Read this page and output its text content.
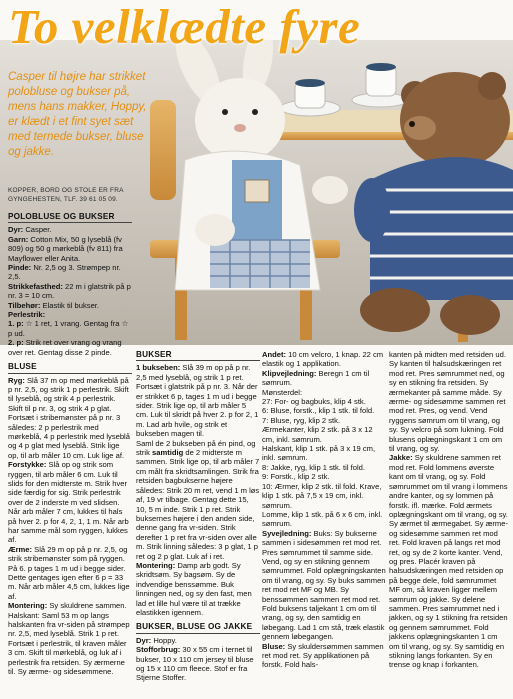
To velklædte fyre
Casper til højre har strikket polobluse og bukser på, mens hans makker, Hoppy, er klædt i et fint syet sæt med ternede bukser, bluse og jakke.
KOPPER, BORD OG STOLE ER FRA GYNGEHESTEN, TLF. 39 61 05 09.
POLOBLUSE OG BUKSER

Dyr: Casper.

Garn: Cotton Mix, 50 g lyseblå (fv 809) og 50 g mørkeblå (fv 811) fra Mayflower eller Anita.

Pinde: Nr. 2,5 og 3. Strømpep nr. 2,5.

Strikkefasthed: 22 m i glatstrik på p nr. 3 = 10 cm.

Tilbehør: Elastik til bukser.

Perlestrik:

1. p: ☆ 1 ret, 1 vrang. Gentag fra ☆ p ud.

2. p: Strik ret over vrang og vrang over ret. Gentag disse 2 pinde.

BLUSE

Ryg: Slå 37 m op med mørkeblå på p nr. 2,5, og strik 1 p perlestrik. Skift til lyseblå, og strik 4 p perlestrik. Skift til p nr. 3, og strik 4 p glat. Fortsæt i stribemønster på p nr. 3 således: 2 p perlestrik med mørkeblå, 4 p perlestrik med lyseblå og 4 p glat med lyseblå. Strik lige op, til arb måler 10 cm. Luk lige af.

Forstykke: Slå op og strik som ryggen, til arb måler 6 cm. Luk til slids for den midterste m. Strik hver side færdig for sig. Strik perlestrik over de 2 inderste m ved slidsen. Når arb måler 7 cm, lukkes til hals på hver 2. p for 4, 2, 1, 1 m. Når arb har samme mål som ryggen, lukkes af.

Ærme: Slå 29 m op på p nr. 2,5, og strik stribemønster som på ryggen. På 6. p tages 1 m ud i begge sider. Dette gentages igen efter 6 p = 33 m. Når arb måler 4,5 cm, lukkes lige af.

Montering: Sy skuldrene sammen. Halskant: Saml 53 m op langs halskanten fra vr-siden på strømpep nr. 2,5, med lyseblå. Strik 1 p ret. Fortsæt i perlestrik, til kraven måler 3 cm. Skift til mørkeblå, og luk af i perlestrik fra retsiden. Sy ærmerne til. Sy ærme- og sidesømmene.

BUKSER

1 bukseben: Slå 39 m op på p nr. 2,5 med lyseblå, og strik 1 p ret. Fortsæt i glatstrik på p nr. 3. Når der er strikket 6 p, tages 1 m ud i begge sider. Strik lige op, til arb måler 5 cm. Luk til skridt på hver 2. p for 2, 1 m. Lad arb hvile, og strik et bukseben magen til.

Saml de 2 bukseben på én pind, og strik samtidig de 2 midterste m sammen. Strik lige op, til arb måler 7 cm målt fra skridtsamlingen. Strik fra retsiden bagbukserne højere således: Strik 20 m ret, vend 1 m løs af, 19 vr tilbage. Gentag dette 15, 10, 5 m inde. Strik 1 p ret. Strik buksernes højere i den anden side, denne gang fra vr-siden. Strik derefter 1 p ret fra vr-siden over alle m. Strik linning således: 3 p glat, 1 p ret og 2 p glat. Luk af i ret.

Montering: Damp arb godt. Sy skridtsøm. Sy bagsøm. Sy de indvendige benssømme. Buk linningen ned, og sy den fast, men lad et lille hul være til at trække elastikken igennem.

BUKSER, BLUSE OG JAKKE

Dyr: Hoppy.

Stofforbrug: 30 x 55 cm i ternet til bukser, 10 x 110 cm jersey til bluse og 15 x 110 cm fleece. Stof er fra Stjerne Stoffer.

Andet: 10 cm velcro, 1 knap. 22 cm elastik og 1 applikation.

Klipvejledning: Beregn 1 cm til sømrum.

Mønsterdel:

27: For- og bagbuks, klip 4 stk.

6: Bluse, forstk., klip 1 stk. til fold.

7: Bluse, ryg, klip 2 stk.

Ærmekanter, klip 2 stk. på 3 x 12 cm, inkl. sømrum.

Halskant, klip 1 stk. på 3 x 19 cm, inkl. sømrum.

8: Jakke, ryg, klip 1 stk. til fold.

9: Forstk., klip 2 stk.

10: Ærmer, klip 2 stk. til fold. Krave, klip 1 stk. på 7,5 x 19 cm, inkl. sømrum.

Lomme, klip 1 stk. på 6 x 6 cm, inkl. sømrum.

Syvejledning: Buks: Sy bukserne sammen i sidesømmen ret mod ret. Pres sømrummet til samme side. Vend, og sy en stikning gennem sømrummet. Fold oplægningskanten om til vrang, og sy. Sy buks sammen ret mod ret MF og MB. Sy benssømmen sammen ret mod ret. Fold buksens taljekant 1 cm om til vrang, og sy, den samtidig en løbegang. Lad 1 cm stå, træk elastik gennem løbegangen.

Bluse: Sy skuldersømmen sammen ret mod ret. Sy applikationen på forstk. Fold hals-

kanten på midten med retsiden ud. Sy kanten til halsudskæringen ret mod ret. Pres sømrummet ned, og sy en stikning fra retsiden. Sy ærmekanter på samme måde. Sy ærme- og sidesømme sammen ret mod ret. Pres, og vend. Vend ryggens sømrum om til vrang, og sy. Sy velcro på som lukning. Fold blusens oplægningskant 1 cm om til vrang, og sy.

Jakke: Sy skuldrene sammen ret mod ret. Fold lommens øverste kant om til vrang, og sy. Fold sømrummet om til vrang i lommens andre kanter, og sy lommen på forstk. ifl. mærke. Fold ærmets oplægningskant om til vrang, og sy. Sy ærmet til ærmegabet. Sy ærme- og sidesømme sammen ret mod ret. Fold kraven på langs ret mod ret, og sy de 2 korte kanter. Vend, og pres. Placér kraven på halsudskæringen med retsiden op på begge dele, fold sømrummet MF om, så kraven ligger mellem sømrum og jakke. Sy delene sammen. Pres sømrummet ned i jakken, og sy 1 stikning fra retsiden og gennem sømrummet. Fold jakkens oplægningskanten 1 cm om til vrang, og sy. Sy samtidig en stikning langs forkanten. Sy en trense og knap i forkanten.
